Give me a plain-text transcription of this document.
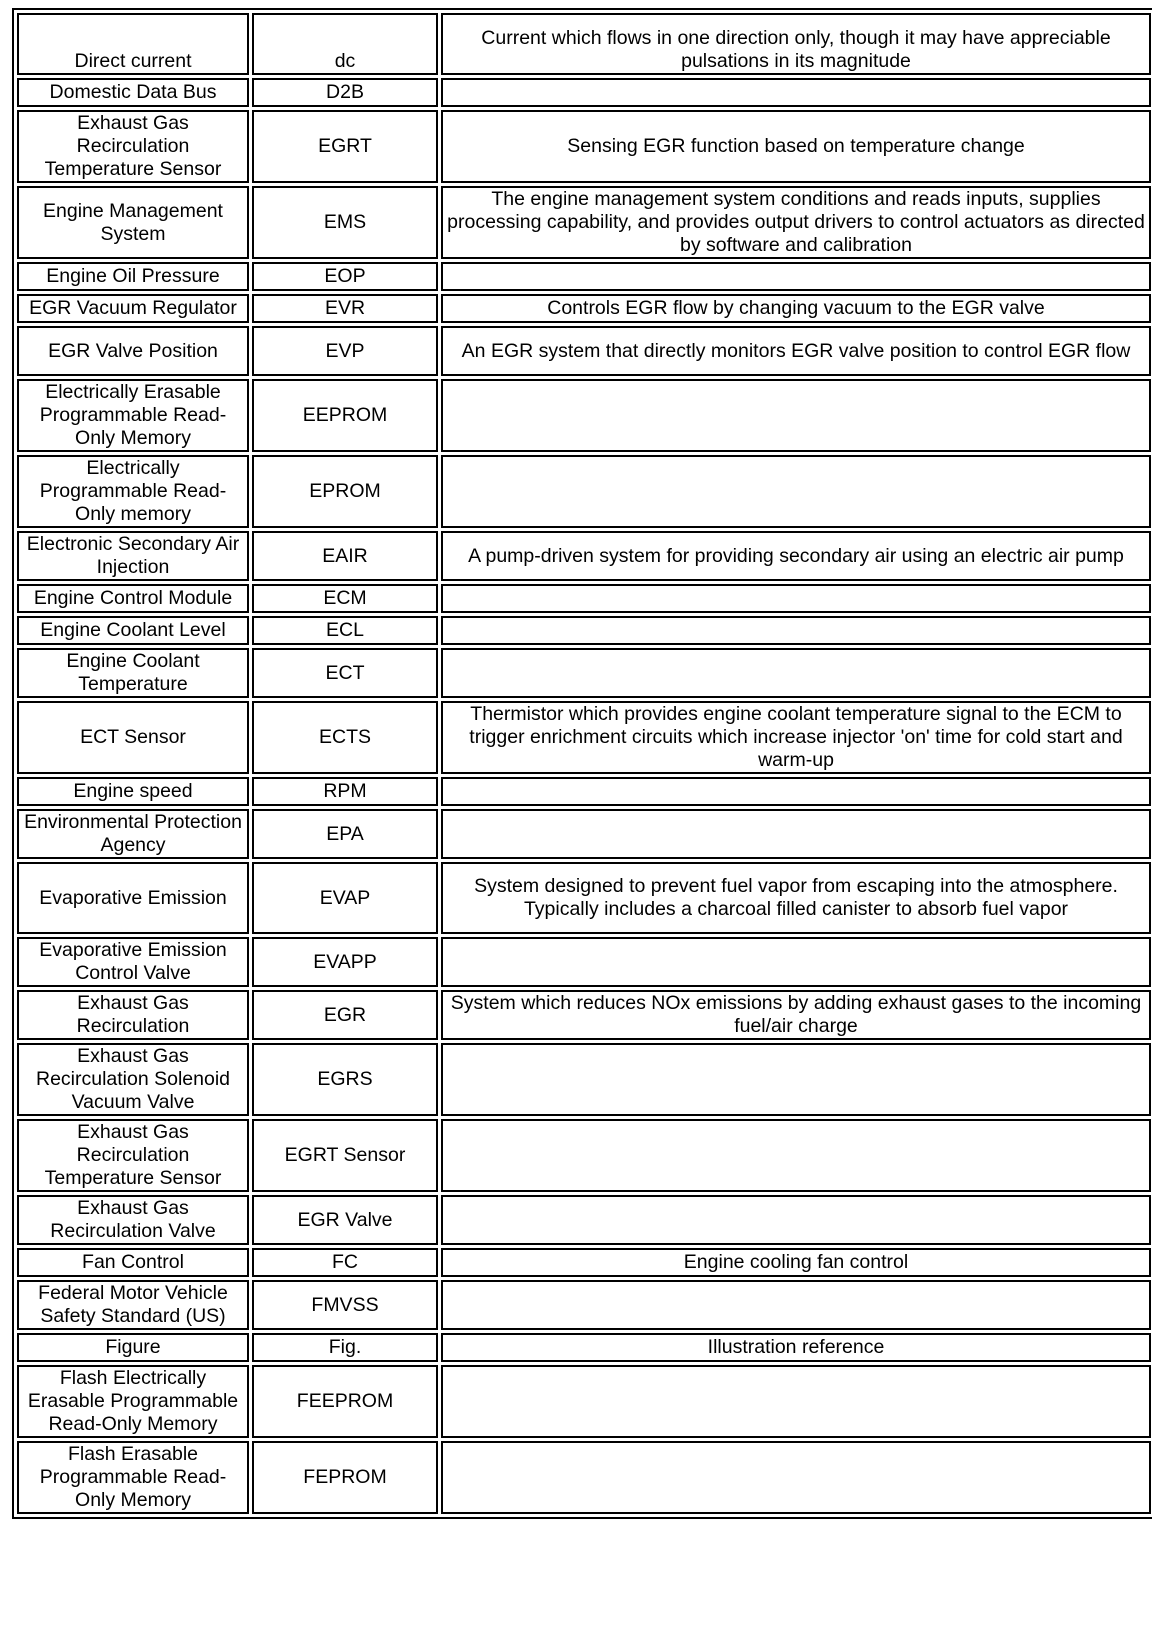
Direct current	dc	Current which flows in one direction only, though it may have appreciable pulsations in its magnitude
Domestic Data Bus	D2B	
Exhaust Gas Recirculation Temperature Sensor	EGRT	Sensing EGR function based on temperature change
Engine Management System	EMS	The engine management system conditions and reads inputs, supplies processing capability, and provides output drivers to control actuators as directed by software and calibration
Engine Oil Pressure	EOP	
EGR Vacuum Regulator	EVR	Controls EGR flow by changing vacuum to the EGR valve
EGR Valve Position	EVP	An EGR system that directly monitors EGR valve position to control EGR flow
Electrically Erasable Programmable Read-Only Memory	EEPROM	
Electrically Programmable Read-Only memory	EPROM	
Electronic Secondary Air Injection	EAIR	A pump-driven system for providing secondary air using an electric air pump
Engine Control Module	ECM	
Engine Coolant Level	ECL	
Engine Coolant Temperature	ECT	
ECT Sensor	ECTS	Thermistor which provides engine coolant temperature signal to the ECM to trigger enrichment circuits which increase injector 'on' time for cold start and warm-up
Engine speed	RPM	
Environmental Protection Agency	EPA	
Evaporative Emission	EVAP	System designed to prevent fuel vapor from escaping into the atmosphere. Typically includes a charcoal filled canister to absorb fuel vapor
Evaporative Emission Control Valve	EVAPP	
Exhaust Gas Recirculation	EGR	System which reduces NOx emissions by adding exhaust gases to the incoming fuel/air charge
Exhaust Gas Recirculation Solenoid Vacuum Valve	EGRS	
Exhaust Gas Recirculation Temperature Sensor	EGRT Sensor	
Exhaust Gas Recirculation Valve	EGR Valve	
Fan Control	FC	Engine cooling fan control
Federal Motor Vehicle Safety Standard (US)	FMVSS	
Figure	Fig.	Illustration reference
Flash Electrically Erasable Programmable Read-Only Memory	FEEPROM	
Flash Erasable Programmable Read-Only Memory	FEPROM	
